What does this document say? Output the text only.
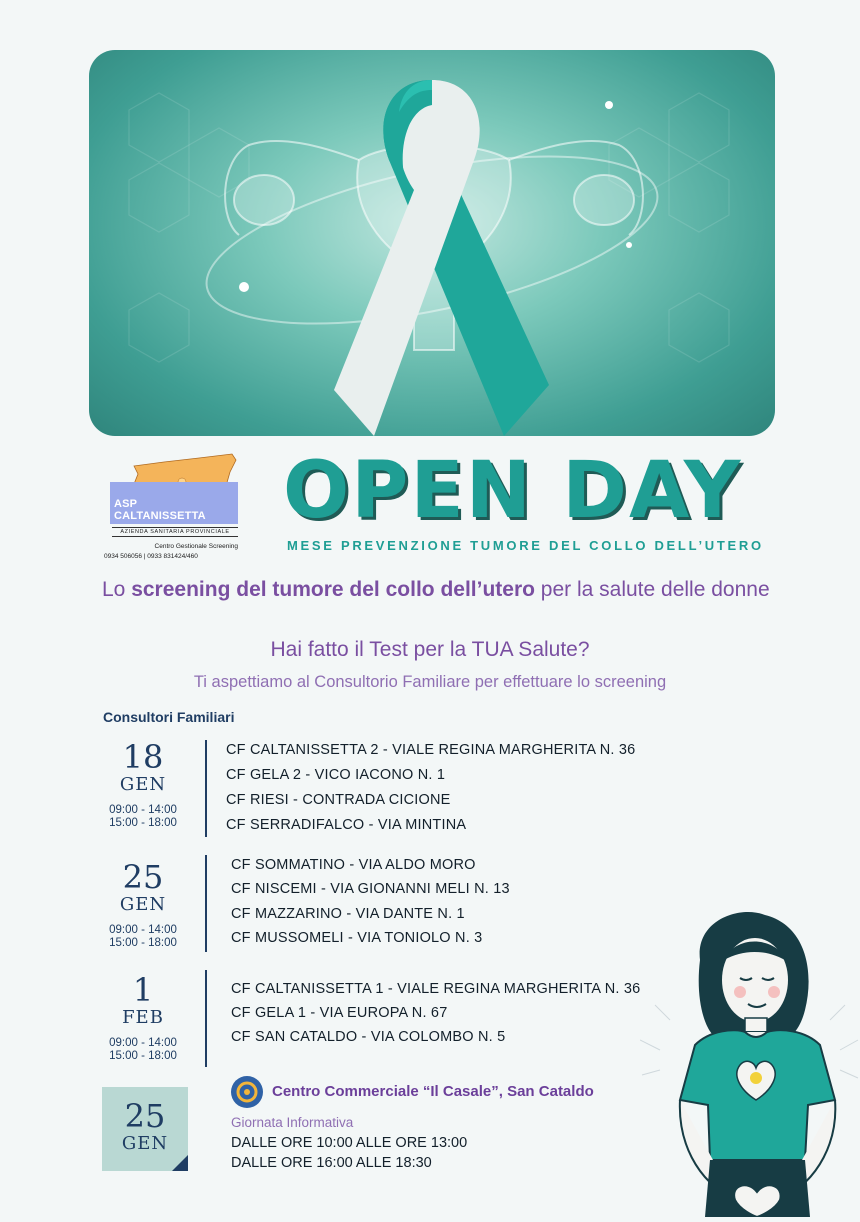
ASP
CALTANISSETTA
AZIENDA SANITARIA PROVINCIALE
Centro Gestionale Screening
0934 506056 | 0933 831424/460
OPEN DAY
MESE PREVENZIONE TUMORE DEL COLLO DELL’UTERO
Lo screening del tumore del collo dell’utero per la salute delle donne
Hai fatto il Test per la TUA Salute?
Ti aspettiamo al Consultorio Familiare per effettuare lo screening
Consultori Familiari
18
GEN
09:00 - 14:00
15:00 - 18:00
CF CALTANISSETTA 2 - VIALE REGINA MARGHERITA N. 36
CF GELA 2 - VICO IACONO N. 1
CF RIESI - CONTRADA CICIONE
CF SERRADIFALCO - VIA MINTINA
25
GEN
09:00 - 14:00
15:00 - 18:00
CF SOMMATINO - VIA ALDO MORO
CF NISCEMI - VIA GIONANNI MELI N. 13
CF MAZZARINO - VIA DANTE N. 1
CF MUSSOMELI - VIA TONIOLO N. 3
1
FEB
09:00 - 14:00
15:00 - 18:00
CF CALTANISSETTA 1 - VIALE REGINA MARGHERITA N. 36
CF GELA 1 - VIA EUROPA N. 67
CF SAN CATALDO - VIA COLOMBO N. 5
25
GEN
Centro Commerciale “Il Casale”, San Cataldo
Giornata Informativa
DALLE ORE 10:00 ALLE ORE 13:00
DALLE ORE 16:00 ALLE 18:30
